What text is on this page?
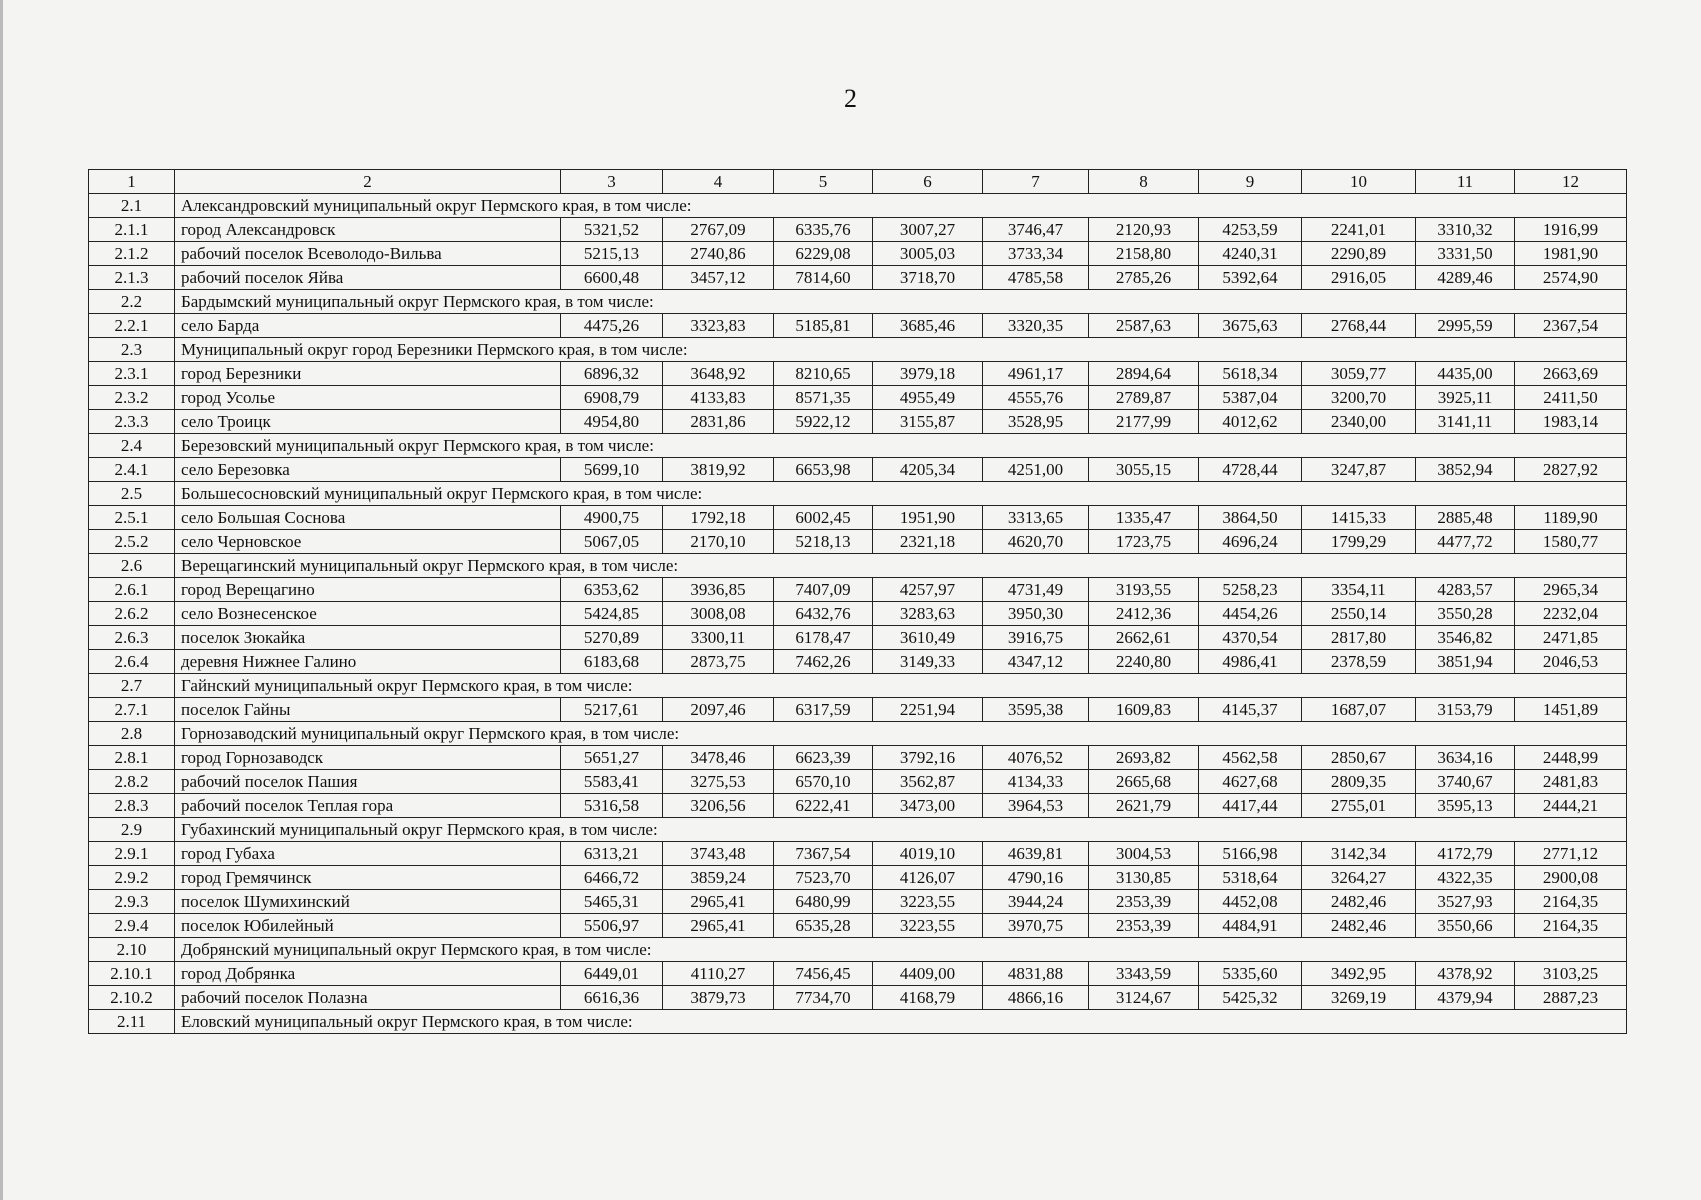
2
1	2	3	4	5	6	7	8	9	10	11	12
2.1	Александровский муниципальный округ Пермского края, в том числе:										
2.1.1	город Александровск	5321,52	2767,09	6335,76	3007,27	3746,47	2120,93	4253,59	2241,01	3310,32	1916,99
2.1.2	рабочий поселок Всеволодо-Вильва	5215,13	2740,86	6229,08	3005,03	3733,34	2158,80	4240,31	2290,89	3331,50	1981,90
2.1.3	рабочий поселок Яйва	6600,48	3457,12	7814,60	3718,70	4785,58	2785,26	5392,64	2916,05	4289,46	2574,90
2.2	Бардымский муниципальный округ Пермского края, в том числе:										
2.2.1	село Барда	4475,26	3323,83	5185,81	3685,46	3320,35	2587,63	3675,63	2768,44	2995,59	2367,54
2.3	Муниципальный округ город Березники Пермского края, в том числе:										
2.3.1	город Березники	6896,32	3648,92	8210,65	3979,18	4961,17	2894,64	5618,34	3059,77	4435,00	2663,69
2.3.2	город Усолье	6908,79	4133,83	8571,35	4955,49	4555,76	2789,87	5387,04	3200,70	3925,11	2411,50
2.3.3	село Троицк	4954,80	2831,86	5922,12	3155,87	3528,95	2177,99	4012,62	2340,00	3141,11	1983,14
2.4	Березовский муниципальный округ Пермского края, в том числе:										
2.4.1	село Березовка	5699,10	3819,92	6653,98	4205,34	4251,00	3055,15	4728,44	3247,87	3852,94	2827,92
2.5	Большесосновский муниципальный округ Пермского края, в том числе:										
2.5.1	село Большая Соснова	4900,75	1792,18	6002,45	1951,90	3313,65	1335,47	3864,50	1415,33	2885,48	1189,90
2.5.2	село Черновское	5067,05	2170,10	5218,13	2321,18	4620,70	1723,75	4696,24	1799,29	4477,72	1580,77
2.6	Верещагинский муниципальный округ Пермского края, в том числе:										
2.6.1	город Верещагино	6353,62	3936,85	7407,09	4257,97	4731,49	3193,55	5258,23	3354,11	4283,57	2965,34
2.6.2	село Вознесенское	5424,85	3008,08	6432,76	3283,63	3950,30	2412,36	4454,26	2550,14	3550,28	2232,04
2.6.3	поселок Зюкайка	5270,89	3300,11	6178,47	3610,49	3916,75	2662,61	4370,54	2817,80	3546,82	2471,85
2.6.4	деревня Нижнее Галино	6183,68	2873,75	7462,26	3149,33	4347,12	2240,80	4986,41	2378,59	3851,94	2046,53
2.7	Гайнский муниципальный округ Пермского края, в том числе:										
2.7.1	поселок Гайны	5217,61	2097,46	6317,59	2251,94	3595,38	1609,83	4145,37	1687,07	3153,79	1451,89
2.8	Горнозаводский муниципальный округ Пермского края, в том числе:										
2.8.1	город Горнозаводск	5651,27	3478,46	6623,39	3792,16	4076,52	2693,82	4562,58	2850,67	3634,16	2448,99
2.8.2	рабочий поселок Пашия	5583,41	3275,53	6570,10	3562,87	4134,33	2665,68	4627,68	2809,35	3740,67	2481,83
2.8.3	рабочий поселок Теплая гора	5316,58	3206,56	6222,41	3473,00	3964,53	2621,79	4417,44	2755,01	3595,13	2444,21
2.9	Губахинский муниципальный округ Пермского края, в том числе:										
2.9.1	город Губаха	6313,21	3743,48	7367,54	4019,10	4639,81	3004,53	5166,98	3142,34	4172,79	2771,12
2.9.2	город Гремячинск	6466,72	3859,24	7523,70	4126,07	4790,16	3130,85	5318,64	3264,27	4322,35	2900,08
2.9.3	поселок Шумихинский	5465,31	2965,41	6480,99	3223,55	3944,24	2353,39	4452,08	2482,46	3527,93	2164,35
2.9.4	поселок Юбилейный	5506,97	2965,41	6535,28	3223,55	3970,75	2353,39	4484,91	2482,46	3550,66	2164,35
2.10	Добрянский муниципальный округ Пермского края, в том числе:										
2.10.1	город Добрянка	6449,01	4110,27	7456,45	4409,00	4831,88	3343,59	5335,60	3492,95	4378,92	3103,25
2.10.2	рабочий поселок Полазна	6616,36	3879,73	7734,70	4168,79	4866,16	3124,67	5425,32	3269,19	4379,94	2887,23
2.11	Еловский муниципальный округ Пермского края, в том числе:										
